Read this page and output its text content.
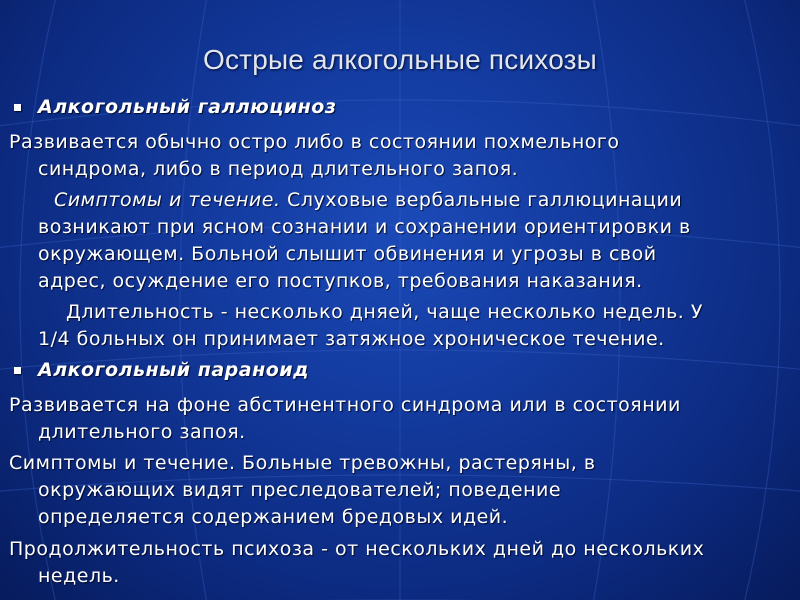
Острые алкогольные психозы
Алкогольный галлюциноз
Развивается обычно остро либо в состоянии похмельного
синдрома, либо в период длительного запоя.
Симптомы и течение. Слуховые вербальные галлюцинации
возникают при ясном сознании и сохранении ориентировки в
окружающем. Больной слышит обвинения и угрозы в свой
адрес, осуждение его поступков, требования наказания.
Длительность - несколько дняей, чаще несколько недель. У
1/4 больных он принимает затяжное хроническое течение.
Алкогольный параноид
Развивается на фоне абстинентного синдрома или в состоянии
длительного запоя.
Симптомы и течение. Больные тревожны, растеряны, в
окружающих видят преследователей; поведение
определяется содержанием бредовых идей.
Продолжительность психоза - от нескольких дней до нескольких
недель.
